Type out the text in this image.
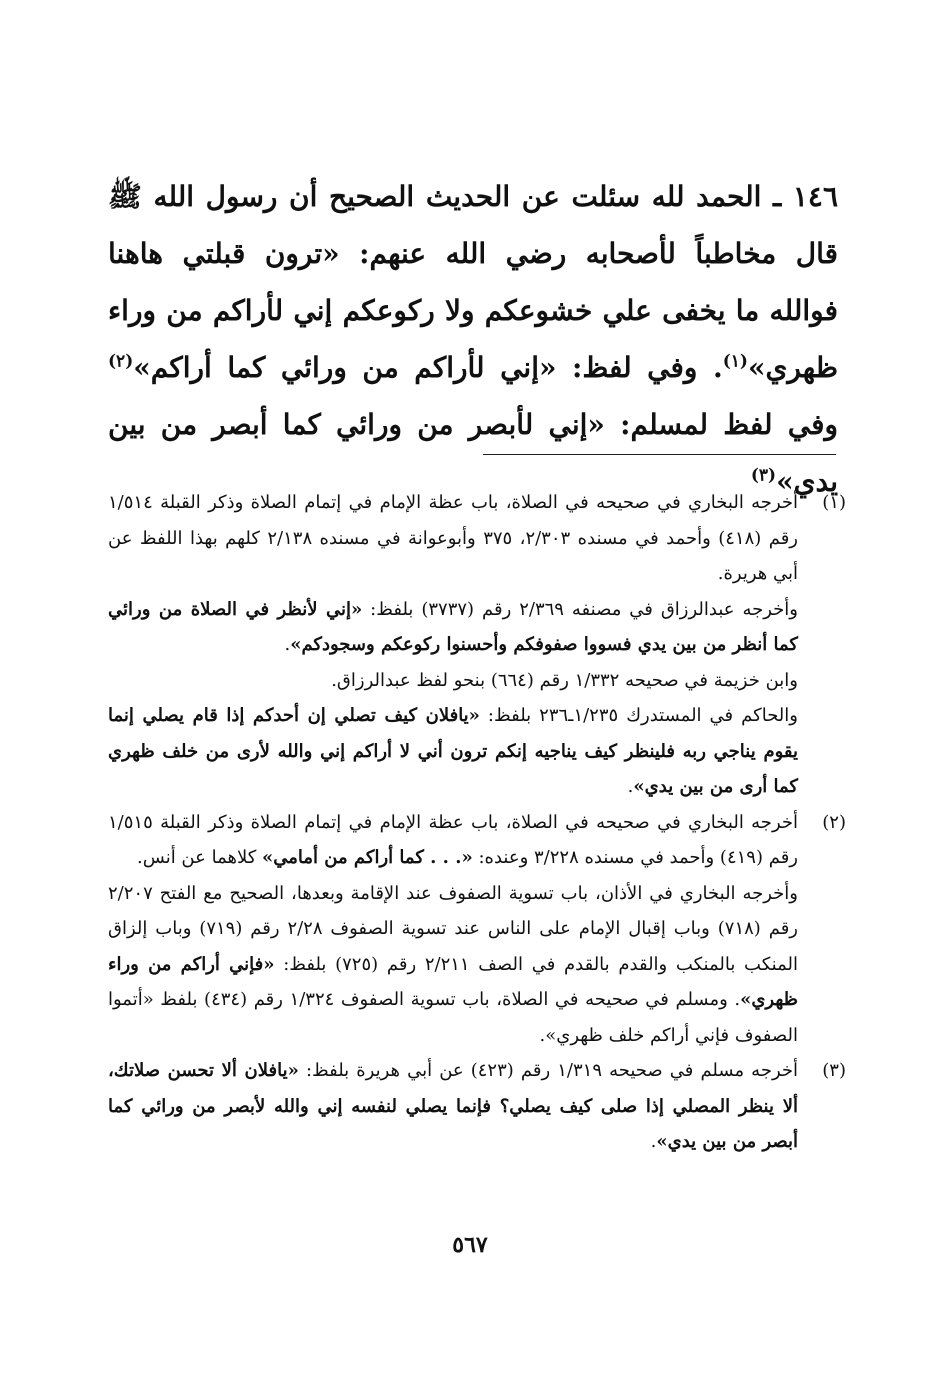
١٤٦ ـ الحمد لله سئلت عن الحديث الصحيح أن رسول الله ﷺ قال مخاطباً لأصحابه رضي الله عنهم: «ترون قبلتي هاهنا فوالله ما يخفى علي خشوعكم ولا ركوعكم إني لأراكم من وراء ظهري»$^{(١)}$. وفي لفظ: «إني لأراكم من ورائي كما أراكم»$^{(٢)}$ وفي لفظ لمسلم: «إني لأبصر من ورائي كما أبصر من بين يدي»$^{(٣)}$
(١)
أخرجه البخاري في صحيحه في الصلاة، باب عظة الإمام في إتمام الصلاة وذكر القبلة ١/٥١٤ رقم (٤١٨) وأحمد في مسنده ٢/٣٠٣، ٣٧٥ وأبوعوانة في مسنده ٢/١٣٨ كلهم بهذا اللفظ عن أبي هريرة.
وأخرجه عبدالرزاق في مصنفه ٢/٣٦٩ رقم (٣٧٣٧) بلفظ: «إني لأنظر في الصلاة من ورائي كما أنظر من بين يدي فسووا صفوفكم وأحسنوا ركوعكم وسجودكم».
وابن خزيمة في صحيحه ١/٣٣٢ رقم (٦٦٤) بنحو لفظ عبدالرزاق.
والحاكم في المستدرك ١/٢٣٥ـ٢٣٦ بلفظ: «يافلان كيف تصلي إن أحدكم إذا قام يصلي إنما يقوم يناجي ربه فلينظر كيف يناجيه إنكم ترون أني لا أراكم إني والله لأرى من خلف ظهري كما أرى من بين يدي».
(٢)
أخرجه البخاري في صحيحه في الصلاة، باب عظة الإمام في إتمام الصلاة وذكر القبلة ١/٥١٥ رقم (٤١٩) وأحمد في مسنده ٣/٢٢٨ وعنده: «. . . كما أراكم من أمامي» كلاهما عن أنس.
وأخرجه البخاري في الأذان، باب تسوية الصفوف عند الإقامة وبعدها، الصحيح مع الفتح ٢/٢٠٧ رقم (٧١٨) وباب إقبال الإمام على الناس عند تسوية الصفوف ٢/٢٨ رقم (٧١٩) وباب إلزاق المنكب بالمنكب والقدم بالقدم في الصف ٢/٢١١ رقم (٧٢٥) بلفظ: «فإني أراكم من وراء ظهري». ومسلم في صحيحه في الصلاة، باب تسوية الصفوف ١/٣٢٤ رقم (٤٣٤) بلفظ «أتموا الصفوف فإني أراكم خلف ظهري».
(٣)
أخرجه مسلم في صحيحه ١/٣١٩ رقم (٤٢٣) عن أبي هريرة بلفظ: «يافلان ألا تحسن صلاتك، ألا ينظر المصلي إذا صلى كيف يصلي؟ فإنما يصلي لنفسه إني والله لأبصر من ورائي كما أبصر من بين يدي».
٥٦٧
